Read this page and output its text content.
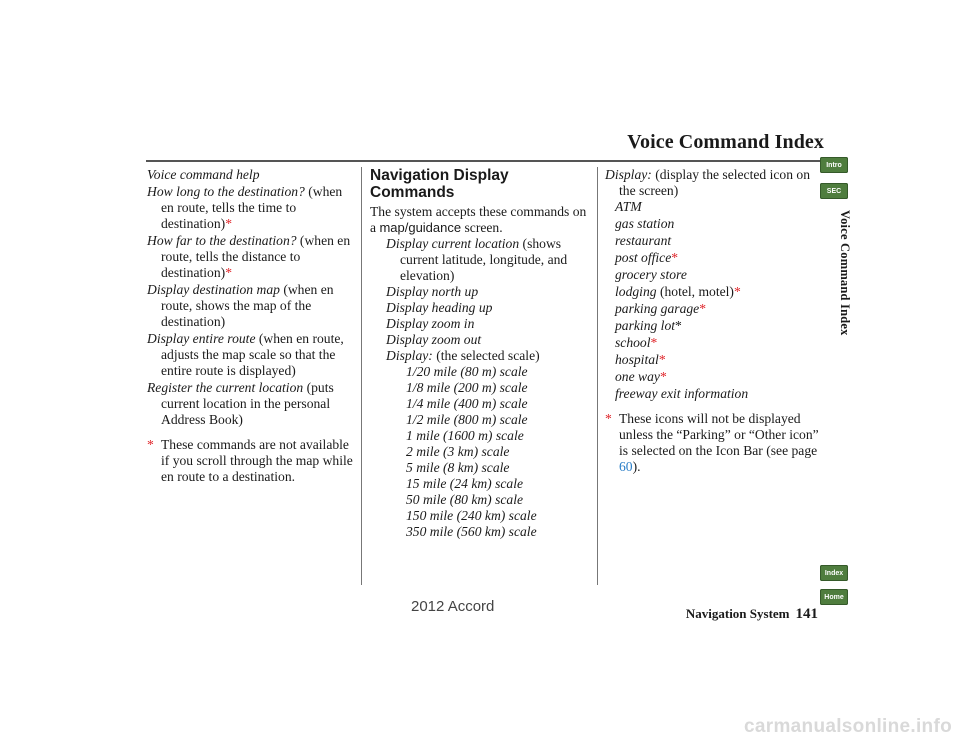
Voice Command Index
Voice command help
How long to the destination? (when en route, tells the time to destination)*
How far to the destination? (when en route, tells the distance to destination)*
Display destination map (when en route, shows the map of the destination)
Display entire route (when en route, adjusts the map scale so that the entire route is displayed)
Register the current location (puts current location in the personal Address Book)
* These commands are not available if you scroll through the map while en route to a destination.
Navigation Display Commands
The system accepts these commands on a map/guidance screen.
Display current location (shows current latitude, longitude, and elevation)
Display north up
Display heading up
Display zoom in
Display zoom out
Display: (the selected scale)
1/20 mile (80 m) scale
1/8 mile (200 m) scale
1/4 mile (400 m) scale
1/2 mile (800 m) scale
1 mile (1600 m) scale
2 mile (3 km) scale
5 mile (8 km) scale
15 mile (24 km) scale
50 mile (80 km) scale
150 mile (240 km) scale
350 mile (560 km) scale
Display: (display the selected icon on the screen)
ATM
gas station
restaurant
post office*
grocery store
lodging (hotel, motel)*
parking garage*
parking lot*
school*
hospital*
one way*
freeway exit information
* These icons will not be displayed unless the “Parking” or “Other icon” is selected on the Icon Bar (see page 60).
Intro
SEC
Voice Command Index
Index
Home
Navigation System 141
2012 Accord
carmanualsonline.info
